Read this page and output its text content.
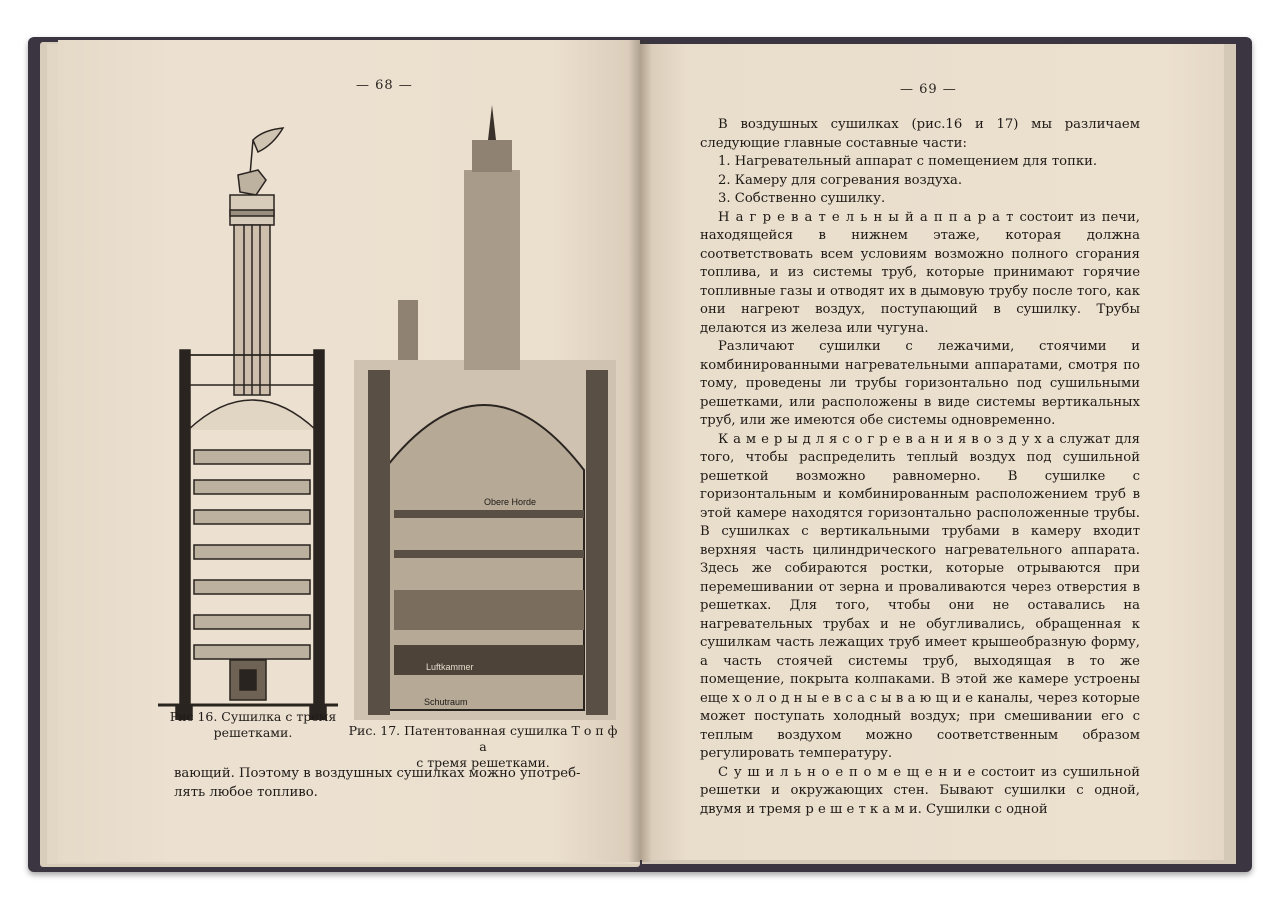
— 68 —
Obere Horde
Luftkammer
Schutraum
Рис 16. Сушилка с тремя
решетками.	Рис. 17. Патентованная сушилка Т о п ф а
с тремя решетками.
вающий. Поэтому в воздушных сушилках можно употреб-
лять любое топливо.
— 69 —

В воздушных сушилках (рис.16 и 17) мы различаем следующие главные составные части:

1. Нагревательный аппарат с помещением для топки.
2. Камеру для согревания воздуха.
3. Собственно сушилку.

Н а г р е в а т е л ь н ы й а п п а р а т состоит из печи, находящейся в нижнем этаже, которая должна соответствовать всем условиям возможно полного сгорания топлива, и из системы труб, которые принимают горячие топливные газы и отводят их в дымовую трубу после того, как они нагреют воздух, поступающий в сушилку. Трубы делаются из железа или чугуна.

Различают сушилки с лежачими, стоячими и комбинированными нагревательными аппаратами, смотря по тому, проведены ли трубы горизонтально под сушильными решетками, или расположены в виде системы вертикальных труб, или же имеются обе системы одновременно.

К а м е р ы д л я с о г р е в а н и я в о з д у х а служат для того, чтобы распределить теплый воздух под сушильной решеткой возможно равномерно. В сушилке с горизонтальным и комбинированным расположением труб в этой камере находятся горизонтально расположенные трубы. В сушилках с вертикальными трубами в камеру входит верхняя часть цилиндрического нагревательного аппарата. Здесь же собираются ростки, которые отрываются при перемешивании от зерна и проваливаются через отверстия в решетках. Для того, чтобы они не оставались на нагревательных трубах и не обугливались, обращенная к сушилкам часть лежащих труб имеет крышеобразную форму, а часть стоячей системы труб, выходящая в то же помещение, покрыта колпаками. В этой же камере устроены еще х о л о д н ы е в с а с ы в а ю щ и е каналы, через которые может поступать холодный воздух; при смешивании его с теплым воздухом можно соответственным образом регулировать температуру.

С у ш и л ь н о е п о м е щ е н и е состоит из сушильной решетки и окружающих стен. Бывают сушилки с одной, двумя и тремя р е ш е т к а м и. Сушилки с одной
